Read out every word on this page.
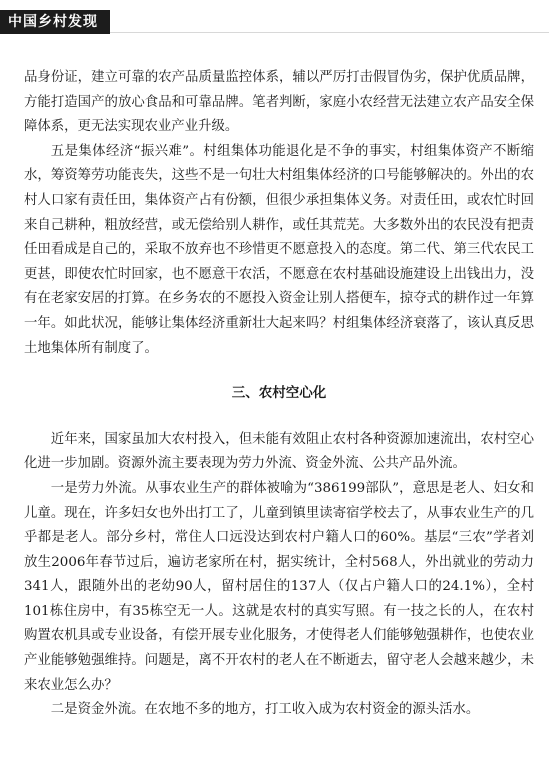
中国乡村发现

品身份证，建立可靠的农产品质量监控体系，辅以严厉打击假冒伪劣，保护优质品牌，方能打造国产的放心食品和可靠品牌。笔者判断，家庭小农经营无法建立农产品安全保障体系，更无法实现农业产业升级。

五是集体经济“振兴难”。村组集体功能退化是不争的事实，村组集体资产不断缩水，筹资筹劳功能丧失，这些不是一句壮大村组集体经济的口号能够解决的。外出的农村人口家有责任田，集体资产占有份额，但很少承担集体义务。对责任田，或农忙时回来自己耕种，粗放经营，或无偿给别人耕作，或任其荒芜。大多数外出的农民没有把责任田看成是自己的，采取不放弃也不珍惜更不愿意投入的态度。第二代、第三代农民工更甚，即使农忙时回家，也不愿意干农活，不愿意在农村基础设施建设上出钱出力，没有在老家安居的打算。在乡务农的不愿投入资金让别人搭便车，掠夺式的耕作过一年算一年。如此状况，能够让集体经济重新壮大起来吗？村组集体经济衰落了，该认真反思土地集体所有制度了。

三、农村空心化

近年来，国家虽加大农村投入，但未能有效阻止农村各种资源加速流出，农村空心化进一步加剧。资源外流主要表现为劳力外流、资金外流、公共产品外流。

一是劳力外流。从事农业生产的群体被喻为“386199部队”，意思是老人、妇女和儿童。现在，许多妇女也外出打工了，儿童到镇里读寄宿学校去了，从事农业生产的几乎都是老人。部分乡村，常住人口远没达到农村户籍人口的60%。基层“三农”学者刘放生2006年春节过后，遍访老家所在村，据实统计，全村568人，外出就业的劳动力341人，跟随外出的老幼90人，留村居住的137人（仅占户籍人口的24.1%），全村101栋住房中，有35栋空无一人。这就是农村的真实写照。有一技之长的人，在农村购置农机具或专业设备，有偿开展专业化服务，才使得老人们能够勉强耕作，也使农业产业能够勉强维持。问题是，离不开农村的老人在不断逝去，留守老人会越来越少，未来农业怎么办？

二是资金外流。在农地不多的地方，打工收入成为农村资金的源头活水。
